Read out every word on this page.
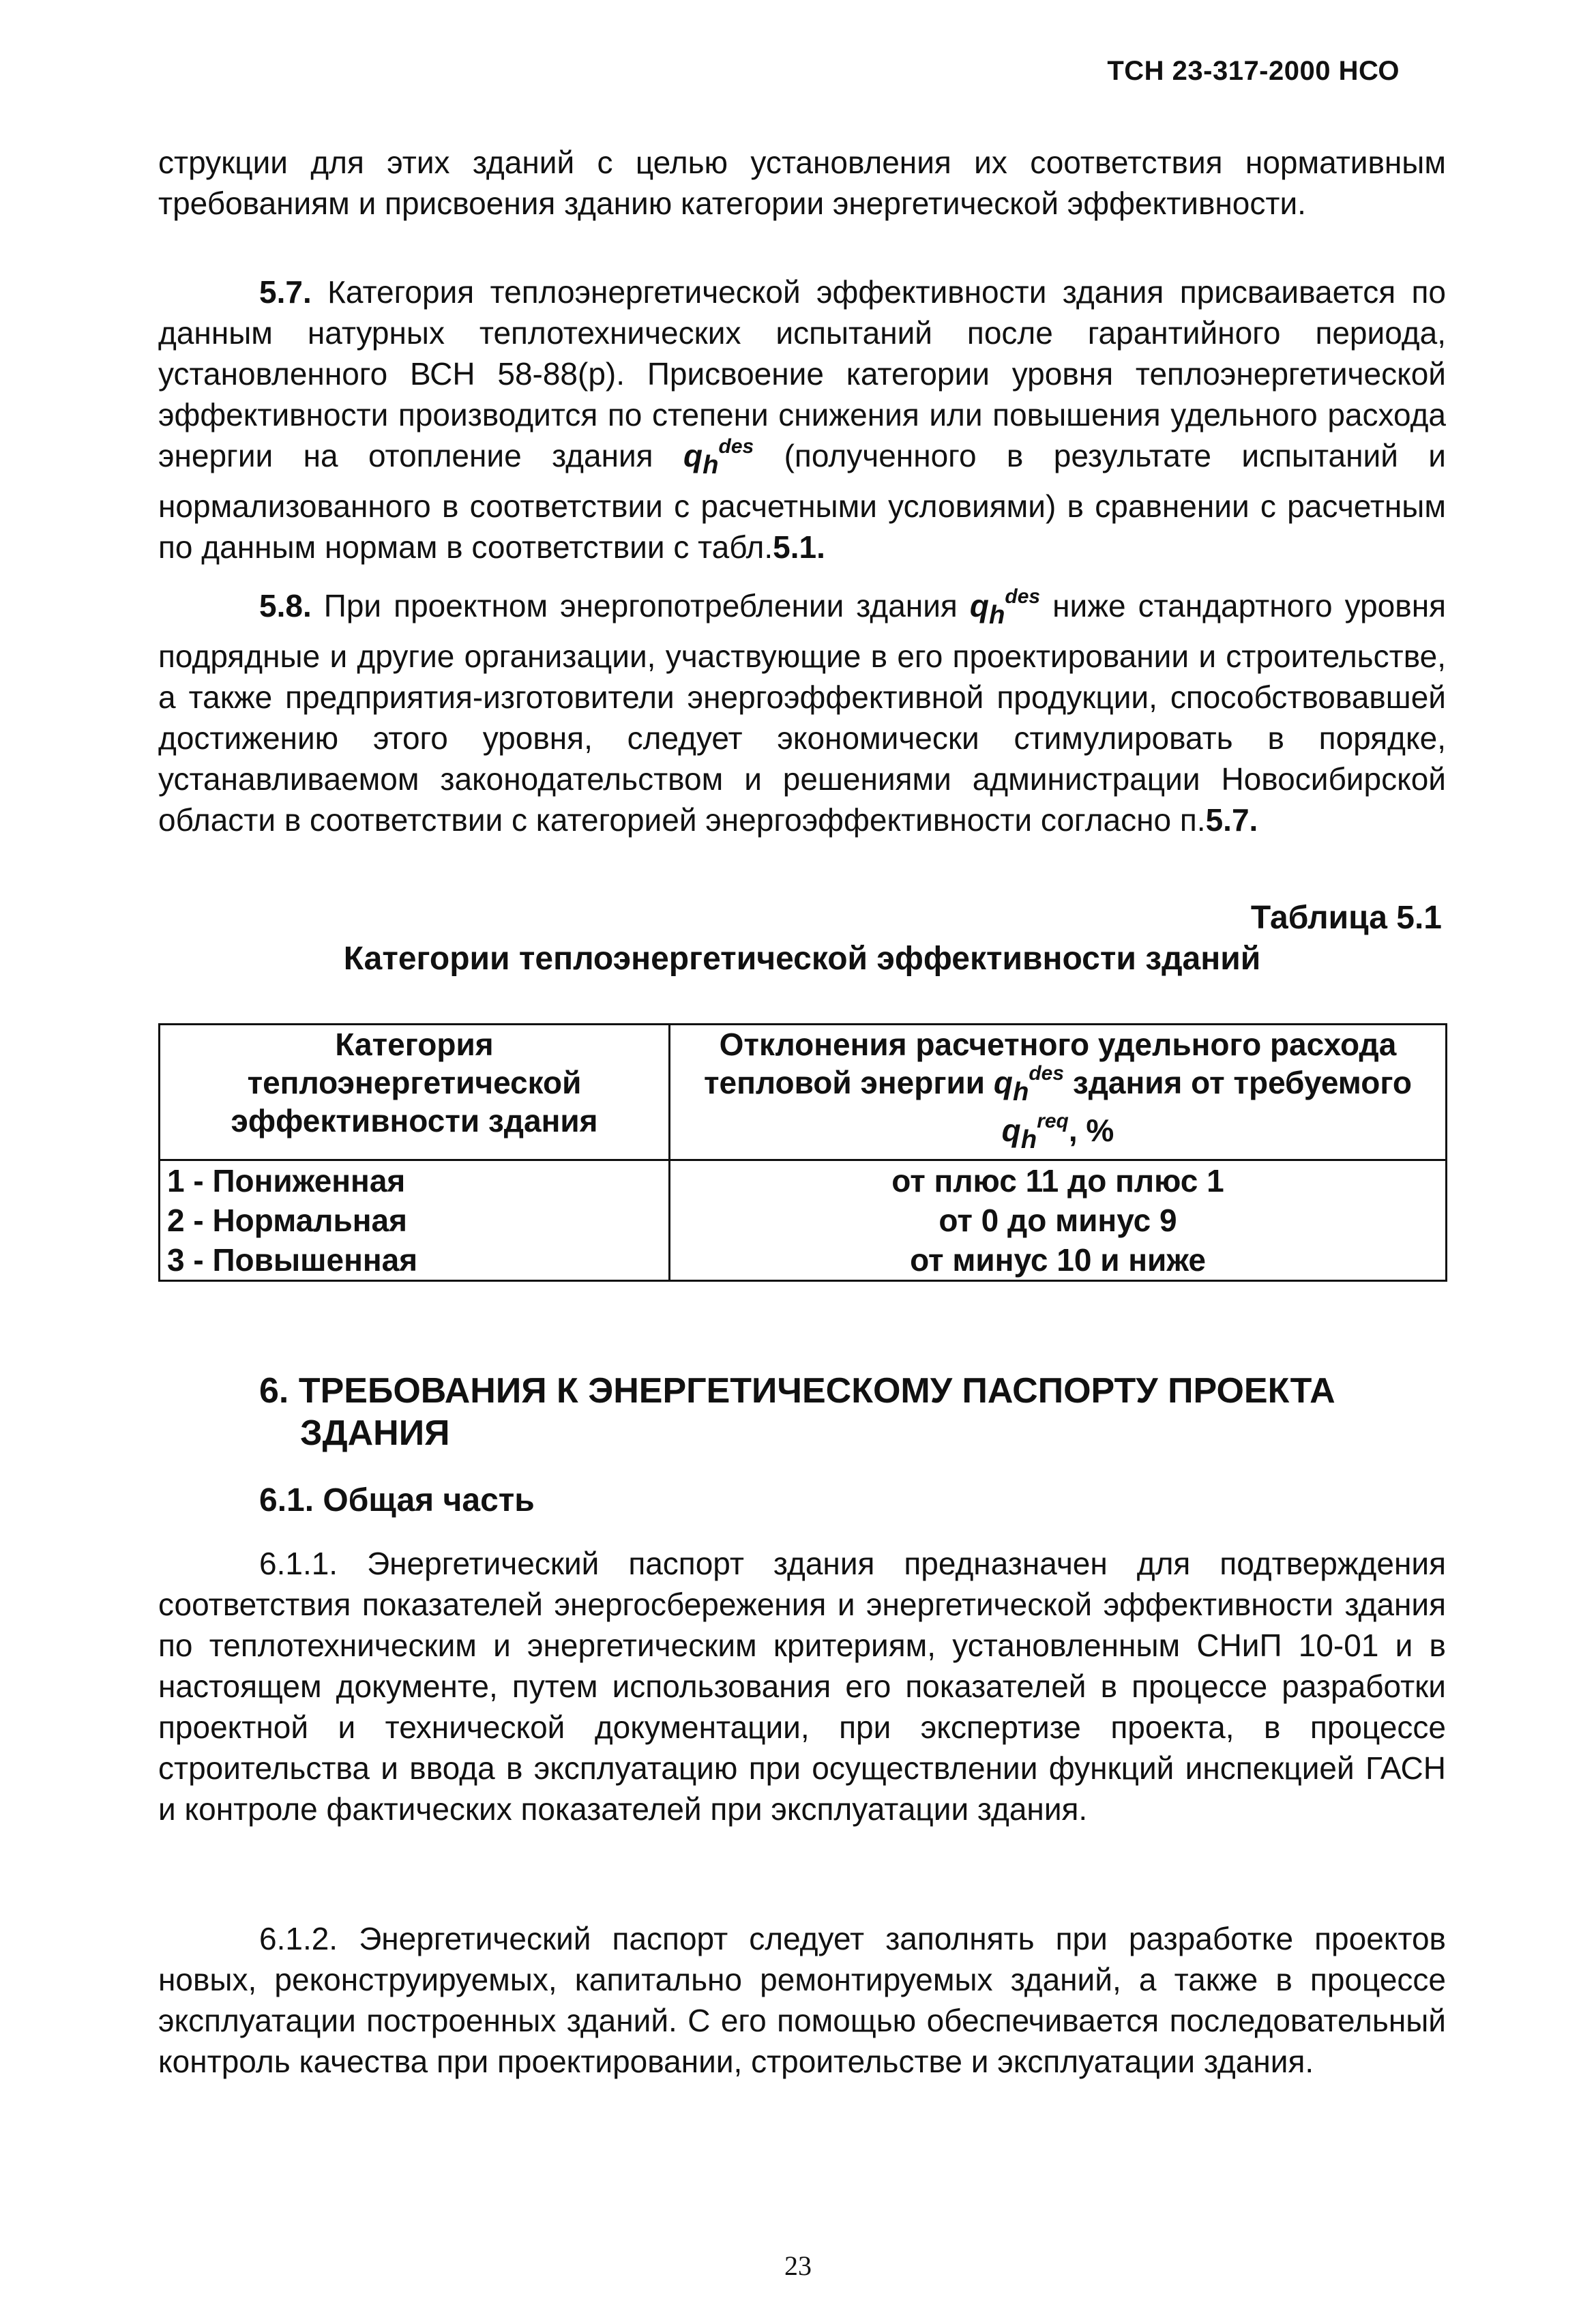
ТСН 23-317-2000 НСО

струкции для этих зданий с целью установления их соответствия нормативным требованиям и присвоения зданию категории энергетической эффективности.

5.7. Категория теплоэнергетической эффективности здания присваивается по данным натурных теплотехнических испытаний после гарантийного периода, установленного ВСН 58-88(р). Присвоение категории уровня теплоэнергетической эффективности производится по степени снижения или повышения удельного расхода энергии на отопление здания $q_h^{des}$ (полученного в результате испытаний и нормализованного в соответствии с расчетными условиями) в сравнении с расчетным по данным нормам в соответствии с табл.5.1.

5.8. При проектном энергопотреблении здания $q_h^{des}$ ниже стандартного уровня подрядные и другие организации, участвующие в его проектировании и строительстве, а также предприятия-изготовители энергоэффективной продукции, способствовавшей достижению этого уровня, следует экономически стимулировать в порядке, устанавливаемом законодательством и решениями администрации Новосибирской области в соответствии с категорией энергоэффективности согласно п.5.7.

Таблица 5.1
Категории теплоэнергетической эффективности зданий
Категория теплоэнергетической эффективности здания	Отклонения расчетного удельного расхода тепловой энергии $q_h^{des}$ здания от требуемого $q_h^{req}$, %
1 - Пониженная	от плюс 11 до плюс 1
2 - Нормальная	от 0 до минус 9
3 - Повышенная	от минус 10 и ниже
6. ТРЕБОВАНИЯ К ЭНЕРГЕТИЧЕСКОМУ ПАСПОРТУ ПРОЕКТА
ЗДАНИЯ
6.1. Общая часть

6.1.1. Энергетический паспорт здания предназначен для подтверждения соответствия показателей энергосбережения и энергетической эффективности здания по теплотехническим и энергетическим критериям, установленным СНиП 10-01 и в настоящем документе, путем использования его показателей в процессе разработки проектной и технической документации, при экспертизе проекта, в процессе строительства и ввода в эксплуатацию при осуществлении функций инспекцией ГАСН и контроле фактических показателей при эксплуатации здания.

6.1.2. Энергетический паспорт следует заполнять при разработке проектов новых, реконструируемых, капитально ремонтируемых зданий, а также в процессе эксплуатации построенных зданий. С его помощью обеспечивается последовательный контроль качества при проектировании, строительстве и эксплуатации здания.

23
